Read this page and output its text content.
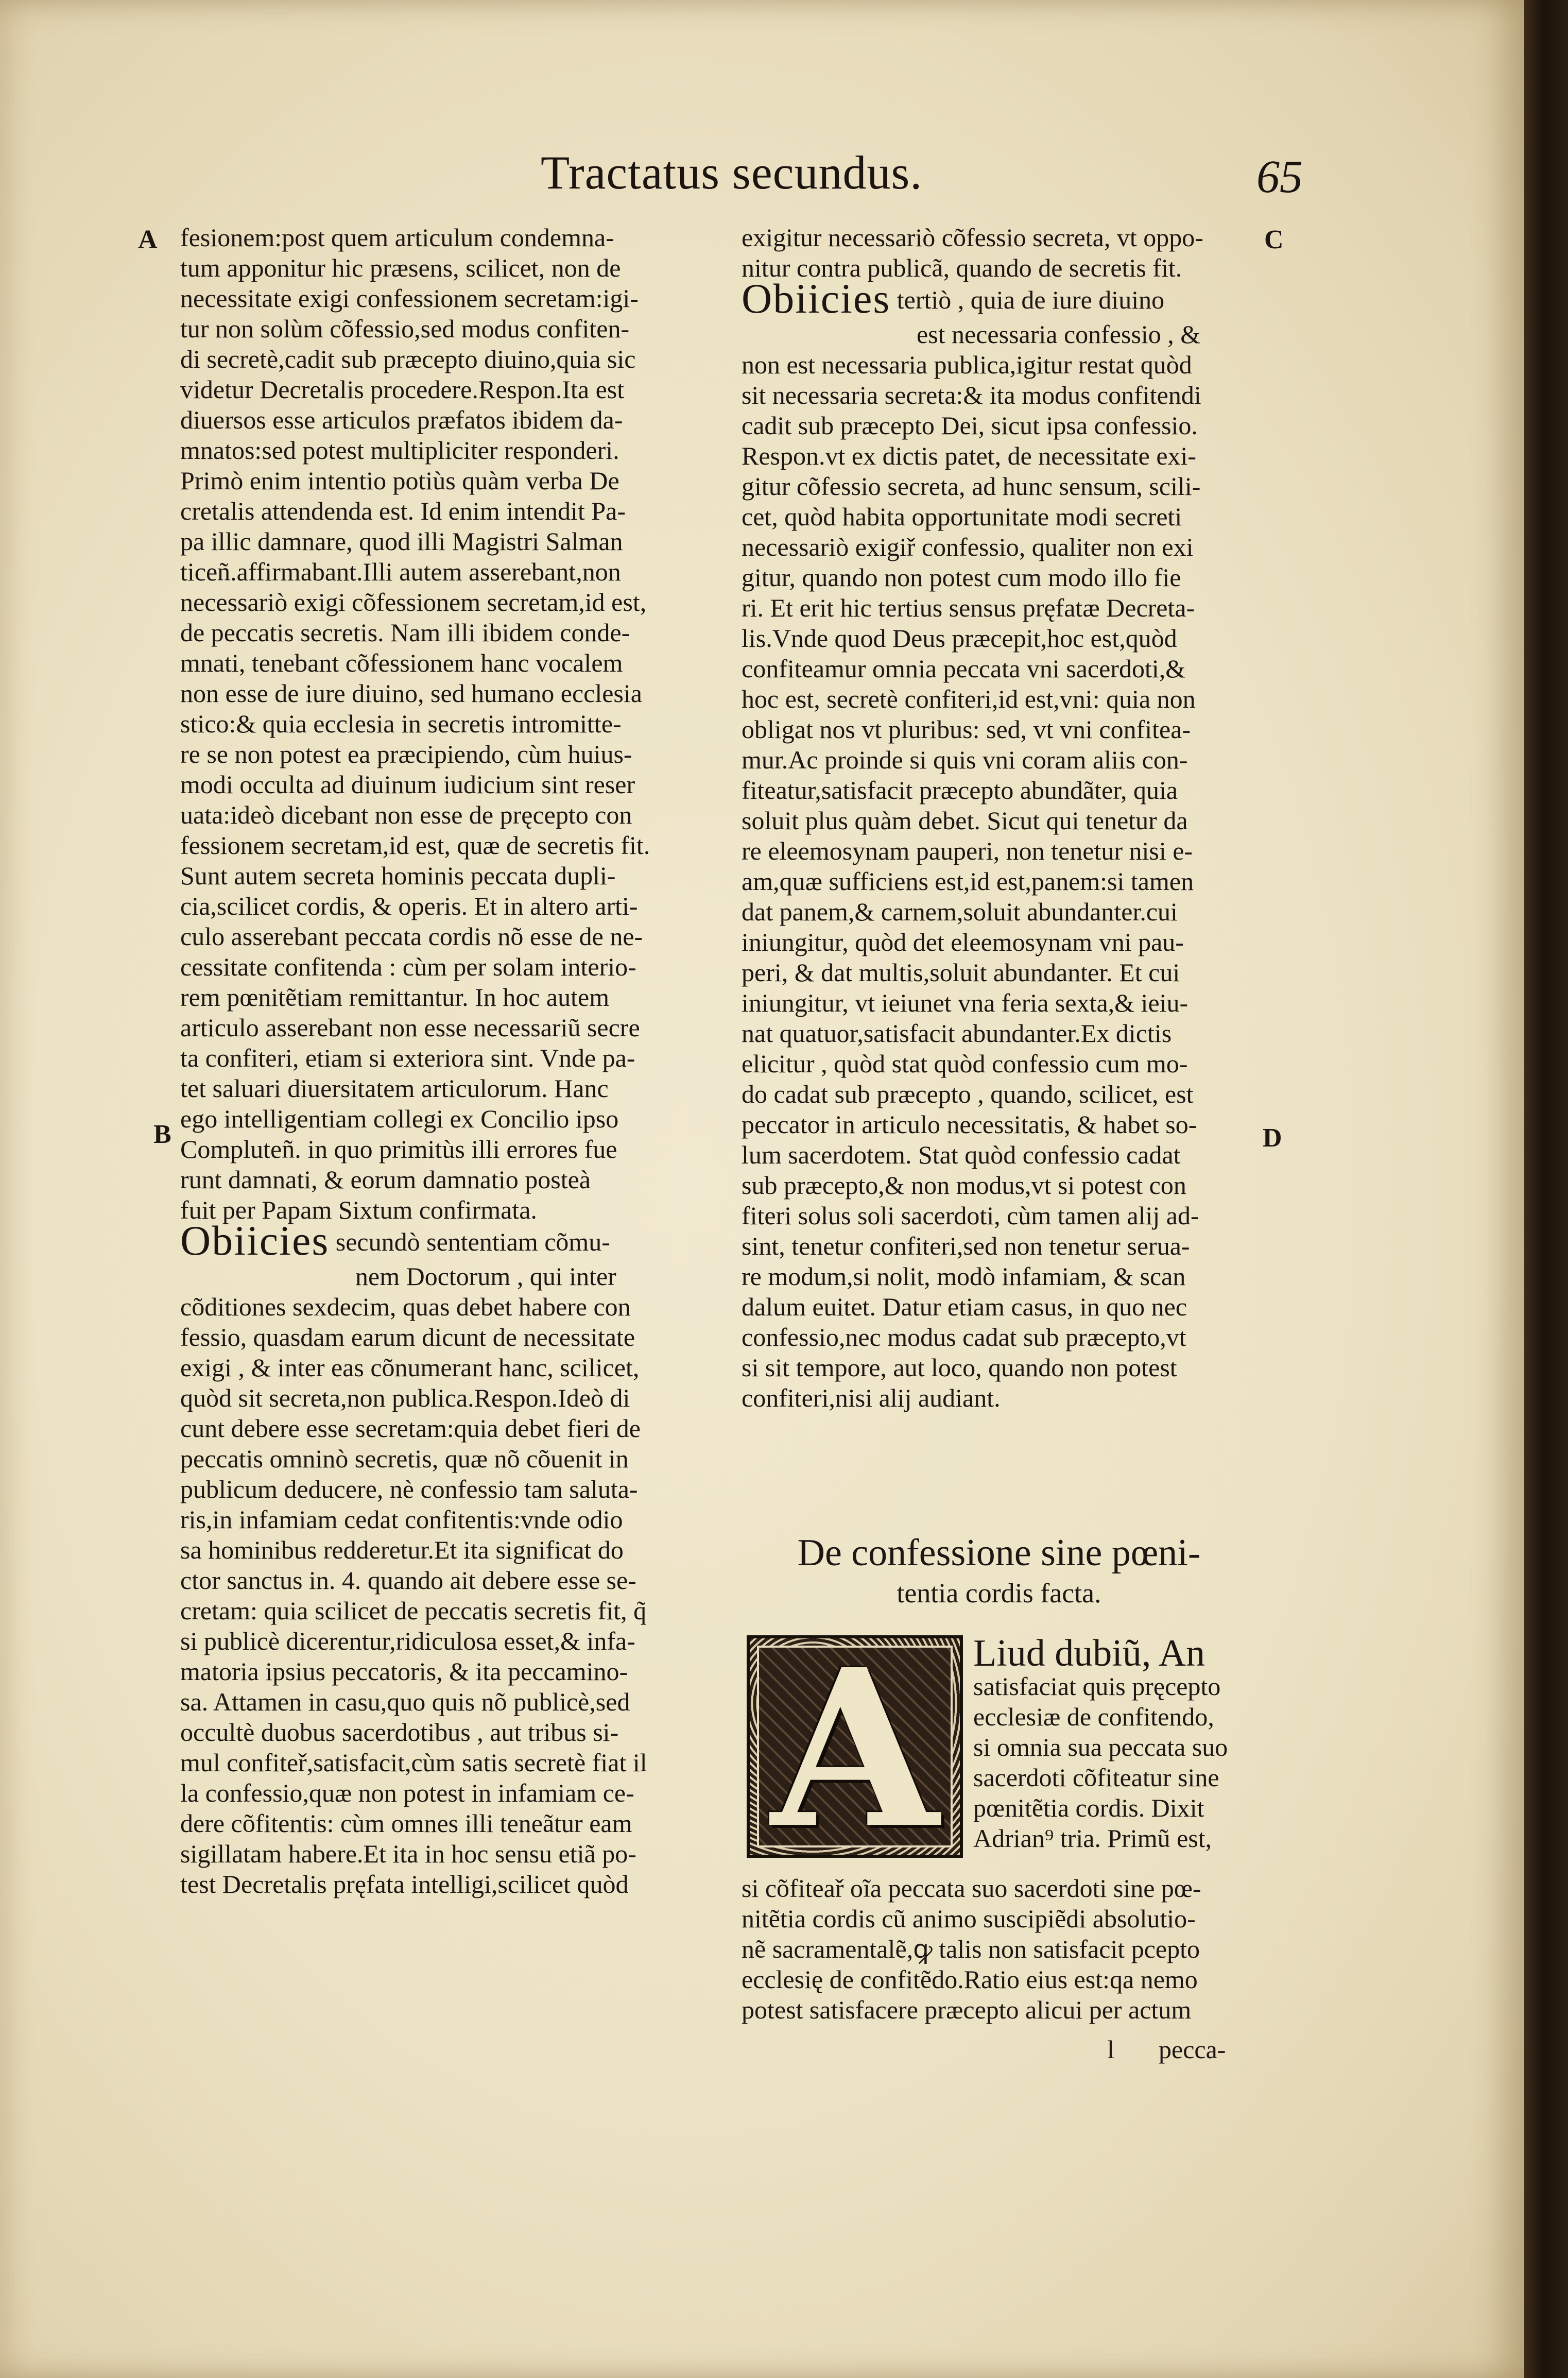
Tractatus secundus.	65
A
B
C
D
fesionem:post quem articulum condemna-
tum apponitur hic præsens, scilicet, non de
necessitate exigi confessionem secretam:igi-
tur non solùm cõfessio,sed modus confiten-
di secretè,cadit sub præcepto diuino,quia sic
videtur Decretalis procedere.Respon.Ita est
diuersos esse articulos præfatos ibidem da-
mnatos:sed potest multipliciter responderi.
Primò enim intentio potiùs quàm verba De
cretalis attendenda est. Id enim intendit Pa-
pa illic damnare, quod illi Magistri Salman
ticeñ.affirmabant.Illi autem asserebant,non
necessariò exigi cõfessionem secretam,id est,
de peccatis secretis. Nam illi ibidem conde-
mnati, tenebant cõfessionem hanc vocalem
non esse de iure diuino, sed humano ecclesia
stico:& quia ecclesia in secretis intromitte-
re se non potest ea præcipiendo, cùm huius-
modi occulta ad diuinum iudicium sint reser
uata:ideò dicebant non esse de pręcepto con
fessionem secretam,id est, quæ de secretis fit.
Sunt autem secreta hominis peccata dupli-
cia,scilicet cordis, & operis. Et in altero arti-
culo asserebant peccata cordis nõ esse de ne-
cessitate confitenda : cùm per solam interio-
rem pœnitẽtiam remittantur. In hoc autem
articulo asserebant non esse necessariũ secre
ta confiteri, etiam si exteriora sint. Vnde pa-
tet saluari diuersitatem articulorum. Hanc
ego intelligentiam collegi ex Concilio ipso
Compluteñ. in quo primitùs illi errores fue
runt damnati, & eorum damnatio posteà
fuit per Papam Sixtum confirmata.
Obiicies secundò sententiam cõmu-
nem Doctorum , qui inter
cõditiones sexdecim, quas debet habere con
fessio, quasdam earum dicunt de necessitate
exigi , & inter eas cõnumerant hanc, scilicet,
quòd sit secreta,non publica.Respon.Ideò di
cunt debere esse secretam:quia debet fieri de
peccatis omninò secretis, quæ nõ cõuenit in
publicum deducere, nè confessio tam saluta-
ris,in infamiam cedat confitentis:vnde odio
sa hominibus redderetur.Et ita significat do
ctor sanctus in. 4. quando ait debere esse se-
cretam: quia scilicet de peccatis secretis fit, q̃
si publicè dicerentur,ridiculosa esset,& infa-
matoria ipsius peccatoris, & ita peccamino-
sa. Attamen in casu,quo quis nõ publicè,sed
occultè duobus sacerdotibus , aut tribus si-
mul confiteř,satisfacit,cùm satis secretè fiat il
la confessio,quæ non potest in infamiam ce-
dere cõfitentis: cùm omnes illi teneãtur eam
sigillatam habere.Et ita in hoc sensu etiã po-
test Decretalis pręfata intelligi,scilicet quòd
exigitur necessariò cõfessio secreta, vt oppo-
nitur contra publicã, quando de secretis fit.
Obiicies tertiò , quia de iure diuino
est necessaria confessio , &
non est necessaria publica,igitur restat quòd
sit necessaria secreta:& ita modus confitendi
cadit sub præcepto Dei, sicut ipsa confessio.
Respon.vt ex dictis patet, de necessitate exi-
gitur cõfessio secreta, ad hunc sensum, scili-
cet, quòd habita opportunitate modi secreti
necessariò exigiř confessio, qualiter non exi
gitur, quando non potest cum modo illo fie
ri. Et erit hic tertius sensus pręfatæ Decreta-
lis.Vnde quod Deus præcepit,hoc est,quòd
confiteamur omnia peccata vni sacerdoti,&
hoc est, secretè confiteri,id est,vni: quia non
obligat nos vt pluribus: sed, vt vni confitea-
mur.Ac proinde si quis vni coram aliis con-
fiteatur,satisfacit præcepto abundãter, quia
soluit plus quàm debet. Sicut qui tenetur da
re eleemosynam pauperi, non tenetur nisi e-
am,quæ sufficiens est,id est,panem:si tamen
dat panem,& carnem,soluit abundanter.cui
iniungitur, quòd det eleemosynam vni pau-
peri, & dat multis,soluit abundanter. Et cui
iniungitur, vt ieiunet vna feria sexta,& ieiu-
nat quatuor,satisfacit abundanter.Ex dictis
elicitur , quòd stat quòd confessio cum mo-
do cadat sub præcepto , quando, scilicet, est
peccator in articulo necessitatis, & habet so-
lum sacerdotem. Stat quòd confessio cadat
sub præcepto,& non modus,vt si potest con
fiteri solus soli sacerdoti, cùm tamen alij ad-
sint, tenetur confiteri,sed non tenetur serua-
re modum,si nolit, modò infamiam, & scan
dalum euitet. Datur etiam casus, in quo nec
confessio,nec modus cadat sub præcepto,vt
si sit tempore, aut loco, quando non potest
confiteri,nisi alij audiant.
De confessione sine pœni-
tentia cordis facta.
A Liud dubiũ, An
satisfaciat quis pręcepto
ecclesiæ de confitendo,
si omnia sua peccata suo
sacerdoti cõfiteatur sine
pœnitẽtia cordis. Dixit
Adrian⁹ tria. Primũ est,
si cõfiteař oĩa peccata suo sacerdoti sine pœ-
nitẽtia cordis cũ animo suscipiẽdi absolutio-
nẽ sacramentalẽ,ꝙ talis non satisfacit pcepto
ecclesię de confitẽdo.Ratio eius est:qa nemo
potest satisfacere præcepto alicui per actum
l pecca-
